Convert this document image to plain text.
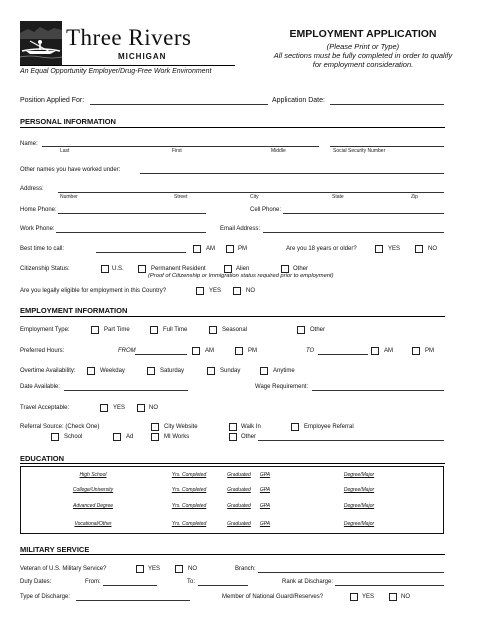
Three Rivers
MICHIGAN
An Equal Opportunity Employer/Drug-Free Work Environment
EMPLOYMENT APPLICATION
(Please Print or Type)
All sections must be fully completed in order to qualify
for employment consideration.
Position Applied For:	Application Date:
PERSONAL INFORMATION
Name:
Last	First	Middle	Social Security Number
Other names you have worked under:
Address:
Number	Street	City	State	Zip
Home Phone:	Cell Phone:
Work Phone:	Email Address:
Best time to call:	AM	PM	Are you 18 years or older?	YES	NO
Citizenship Status:	U.S.	Permanent Resident	Alien	Other
(Proof of Citizenship or Immigration status required prior to employment)
Are you legally eligible for employment in this Country?	YES	NO
EMPLOYMENT INFORMATION
Employment Type:	Part Time	Full Time	Seasonal	Other
Preferred Hours:	FROM	AM	PM	TO	AM	PM
Overtime Availability:	Weekday	Saturday	Sunday	Anytime
Date Available:	Wage Requirement:
Travel Acceptable:	YES	NO
Referral Source: (Check One)	City Website	Walk In	Employee Referral
School	Ad	MI Works	Other
EDUCATION
High School	Yrs. Completed	Graduated	GPA	Degree/Major
College/University	Yrs. Completed	Graduated	GPA	Degree/Major
Advanced Degree	Yrs. Completed	Graduated	GPA	Degree/Major
Vocational/Other	Yrs. Completed	Graduated	GPA	Degree/Major
MILITARY SERVICE
Veteran of U.S. Military Service?	YES	NO	Branch:
Duty Dates:	From:	To:	Rank at Discharge:
Type of Discharge:	Member of National Guard/Reserves?	YES	NO
